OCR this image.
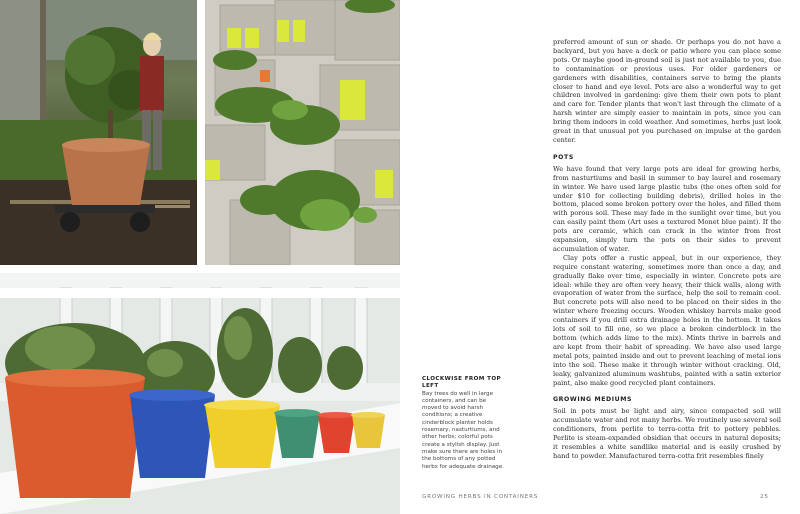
CLOCKWISE FROM TOP LEFT
Bay trees do well in large containers, and can be moved to avoid harsh conditions; a creative cinderblock planter holds rosemary, nasturtiums, and other herbs; colorful pots create a stylish display. Just make sure there are holes in the bottoms of any potted herbs for adequate drainage.

preferred amount of sun or shade. Or perhaps you do not have a backyard, but you have a deck or patio where you can place some pots. Or maybe good in-ground soil is just not available to you, due to contamination or previous uses. For older gardeners or gardeners with disabilities, containers serve to bring the plants closer to hand and eye level. Pots are also a wonderful way to get children involved in gardening: give them their own pots to plant and care for. Tender plants that won't last through the climate of a harsh winter are simply easier to maintain in pots, since you can bring them indoors in cold weather. And sometimes, herbs just look great in that unusual pot you purchased on impulse at the garden center.

POTS

We have found that very large pots are ideal for growing herbs, from nasturtiums and basil in summer to bay laurel and rosemary in winter. We have used large plastic tubs (the ones often sold for under $10 for collecting building debris), drilled holes in the bottom, placed some broken pottery over the holes, and filled them with porous soil. These may fade in the sunlight over time, but you can easily paint them (Art uses a textured Monet blue paint). If the pots are ceramic, which can crack in the winter from frost expansion, simply turn the pots on their sides to prevent accumulation of water.

Clay pots offer a rustic appeal, but in our experience, they require constant watering, sometimes more than once a day, and gradually flake over time, especially in winter. Concrete pots are ideal: while they are often very heavy, their thick walls, along with evaporation of water from the surface, help the soil to remain cool. But concrete pots will also need to be placed on their sides in the winter where freezing occurs. Wooden whiskey barrels make good containers if you drill extra drainage holes in the bottom. It takes lots of soil to fill one, so we place a broken cinderblock in the bottom (which adds lime to the mix). Mints thrive in barrels and are kept from their habit of spreading. We have also used large metal pots, painted inside and out to prevent leaching of metal ions into the soil. These make it through winter without cracking. Old, leaky, galvanized aluminum washtubs, painted with a satin exterior paint, also make good recycled plant containers.

GROWING MEDIUMS

Soil in pots must be light and airy, since compacted soil will accumulate water and rot many herbs. We routinely use several soil conditioners, from perlite to terra-cotta frit to pottery pebbles. Perlite is steam-expanded obsidian that occurs in natural deposits; it resembles a white sandlike material and is easily crushed by hand to powder. Manufactured terra-cotta frit resembles finely

GROWING HERBS IN CONTAINERS	25
